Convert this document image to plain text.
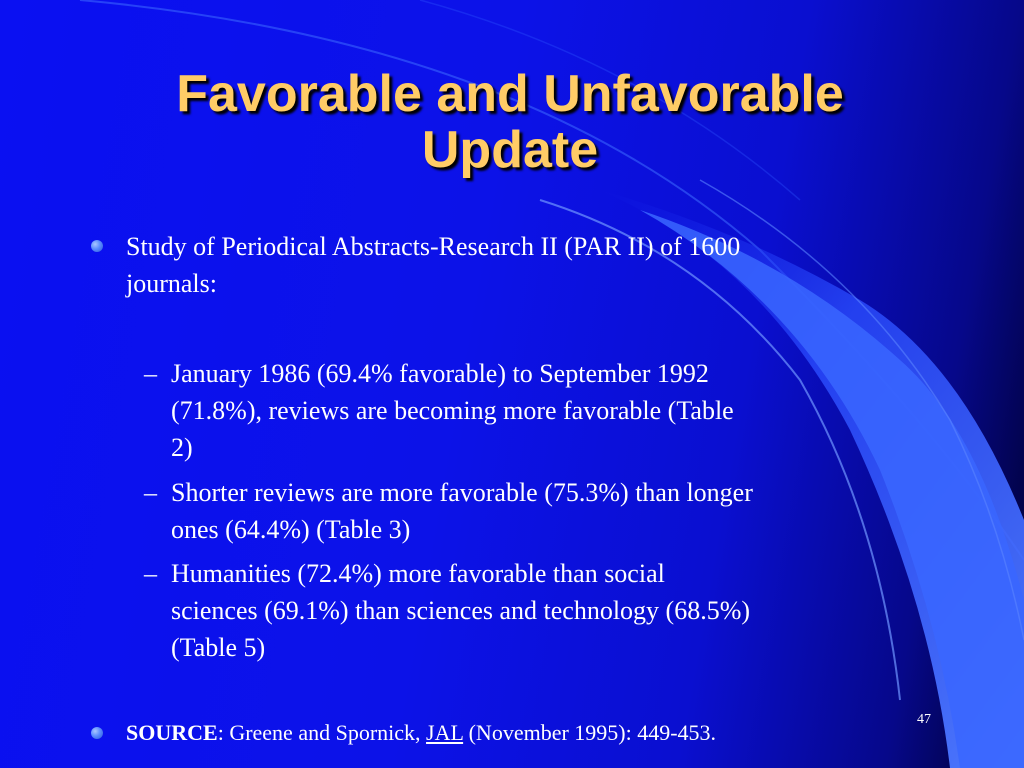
Favorable and Unfavorable
Update
Study of Periodical Abstracts-Research II (PAR II) of 1600
journals:
– January 1986 (69.4% favorable) to September 1992
(71.8%), reviews are becoming more favorable (Table
2)
– Shorter reviews are more favorable (75.3%) than longer
ones (64.4%) (Table 3)
– Humanities (72.4%) more favorable than social
sciences (69.1%) than sciences and technology (68.5%)
(Table 5)
SOURCE: Greene and Spornick, JAL (November 1995): 449-453.
47
